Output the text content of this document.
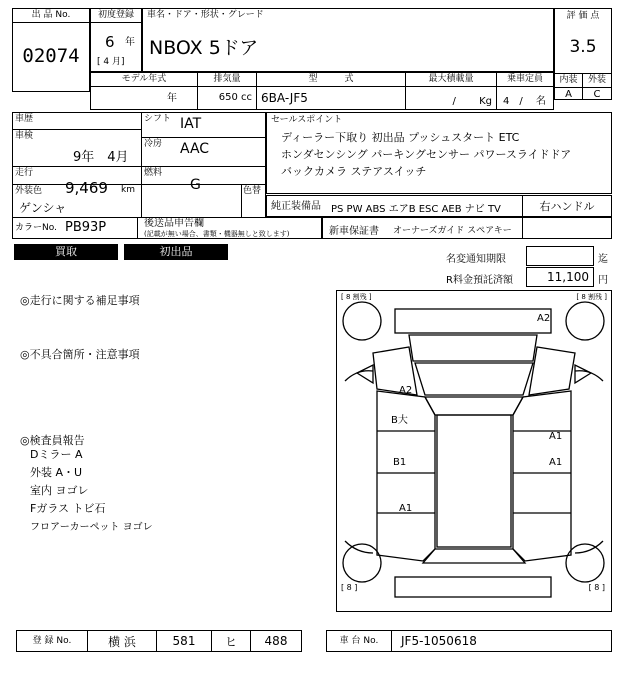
出 品 No.
02074
初度登録
6 年
[ 4 月]
車名・ドア・形状・グレード
NBOX 5ドア
評 価 点
3.5
内装	外装
A	C
モデル年式
年
排気量
650 cc
型　　　式
6BA-JF5
最大積載量
/　　 Kg
乗車定員
4　/　 名
車歴
車検
9年　4月
走行
9,469 km
シフト IAT
冷房 AAC
燃料
G
外装色
ゲンシャ
色替
カラーNo. PB93P	後送品申告欄
(記載が無い場合、書類・機器無しと致します)
セールスポイント
ディーラー下取り 初出品 プッシュスタート ETC
ホンダセンシング パーキングセンサー パワースライドドア
バックカメラ ステアスイッチ
純正装備品 PS PW ABS エアB ESC AEB ナビ TV	右ハンドル
新車保証書 オーナーズガイド スペアキー
買取	初出品
名変通知期限	迄
R料金預託済額	11,100 円
◎走行に関する補足事項
◎不具合箇所・注意事項
◎検査員報告
Dミラー A
外装 A・U
室内 ヨゴレ
Fガラス トビ石
フロアーカーペット ヨゴレ
[ 8 割残 ]	[ 8 割残 ]
[ 8 ]	[ 8 ]
A2
A2
B大
B1
A1
A1
A1
登 録 No.	横 浜	581	ヒ	488	車 台 No.	JF5-1050618
